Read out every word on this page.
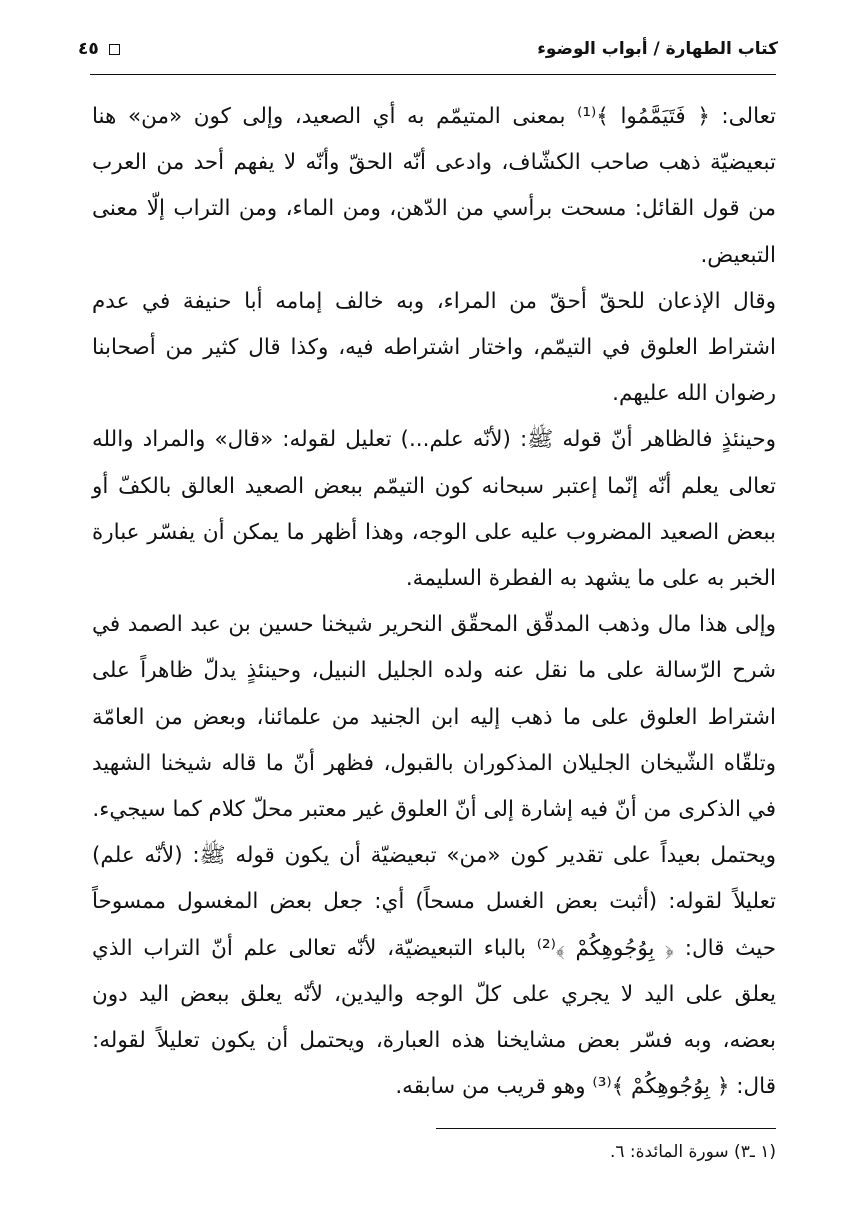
كتاب الطهارة / أبواب الوضوء
٤٥

تعالى: ﴿ فَتَيَمَّمُوا ﴾⁽¹⁾ بمعنى المتيمّم به أي الصعيد، وإلى كون «من» هنا تبعيضيّة ذهب صاحب الكشّاف، وادعى أنّه الحقّ وأنّه لا يفهم أحد من العرب من قول القائل: مسحت برأسي من الدّهن، ومن الماء، ومن التراب إلّا معنى التبعيض.

وقال الإذعان للحقّ أحقّ من المراء، وبه خالف إمامه أبا حنيفة في عدم اشتراط العلوق في التيمّم، واختار اشتراطه فيه، وكذا قال كثير من أصحابنا رضوان الله عليهم.

وحينئذٍ فالظاهر أنّ قوله ﷺ: (لأنّه علم...) تعليل لقوله: «قال» والمراد والله تعالى يعلم أنّه إنّما إعتبر سبحانه كون التيمّم ببعض الصعيد العالق بالكفّ أو ببعض الصعيد المضروب عليه على الوجه، وهذا أظهر ما يمكن أن يفسّر عبارة الخبر به على ما يشهد به الفطرة السليمة.

وإلى هذا مال وذهب المدقّق المحقّق النحرير شيخنا حسين بن عبد الصمد في شرح الرّسالة على ما نقل عنه ولده الجليل النبيل، وحينئذٍ يدلّ ظاهراً على اشتراط العلوق على ما ذهب إليه ابن الجنيد من علمائنا، وبعض من العامّة وتلقّاه الشّيخان الجليلان المذكوران بالقبول، فظهر أنّ ما قاله شيخنا الشهيد في الذكرى من أنّ فيه إشارة إلى أنّ العلوق غير معتبر محلّ كلام كما سيجيء.

ويحتمل بعيداً على تقدير كون «من» تبعيضيّة أن يكون قوله ﷺ: (لأنّه علم) تعليلاً لقوله: (أثبت بعض الغسل مسحاً) أي: جعل بعض المغسول ممسوحاً حيث قال: ﴿ بِوُجُوهِكُمْ ﴾⁽²⁾ بالباء التبعيضيّة، لأنّه تعالى علم أنّ التراب الذي يعلق على اليد لا يجري على كلّ الوجه واليدين، لأنّه يعلق ببعض اليد دون بعضه، وبه فسّر بعض مشايخنا هذه العبارة، ويحتمل أن يكون تعليلاً لقوله: قال: ﴿ بِوُجُوهِكُمْ ﴾⁽³⁾ وهو قريب من سابقه.

(١ ـ٣) سورة المائدة: ٦.
